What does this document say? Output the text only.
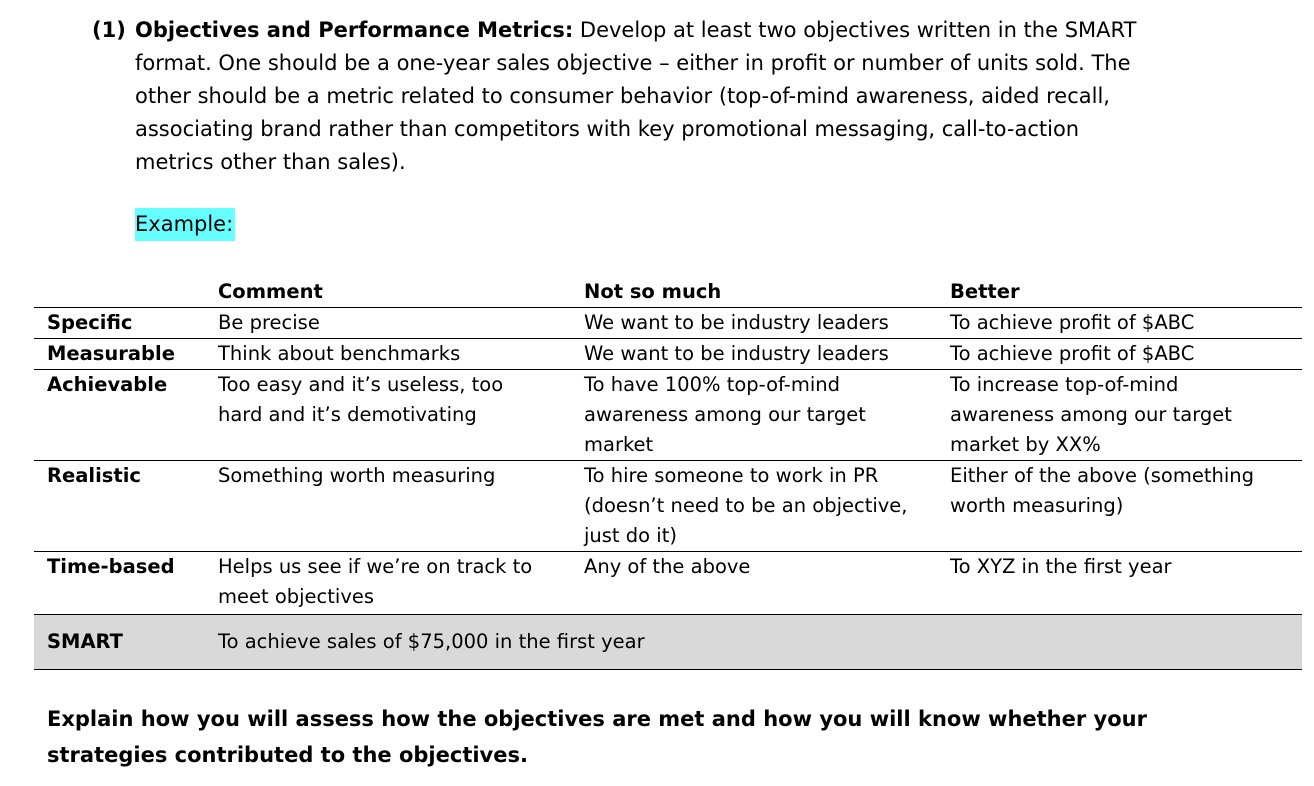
(1) Objectives and Performance Metrics: Develop at least two objectives written in the SMART
format. One should be a one-year sales objective – either in profit or number of units sold. The
other should be a metric related to consumer behavior (top-of-mind awareness, aided recall,
associating brand rather than competitors with key promotional messaging, call-to-action
metrics other than sales).
Example:
	Comment	Not so much	Better
Specific	Be precise	We want to be industry leaders	To achieve profit of $ABC
Measurable	Think about benchmarks	We want to be industry leaders	To achieve profit of $ABC
Achievable	Too easy and it’s useless, too
hard and it’s demotivating	To have 100% top-of-mind
awareness among our target
market	To increase top-of-mind
awareness among our target
market by XX%
Realistic	Something worth measuring	To hire someone to work in PR
(doesn’t need to be an objective,
just do it)	Either of the above (something
worth measuring)
Time-based	Helps us see if we’re on track to
meet objectives	Any of the above	To XYZ in the first year
SMART	To achieve sales of $75,000 in the first year		
Explain how you will assess how the objectives are met and how you will know whether your
strategies contributed to the objectives.
